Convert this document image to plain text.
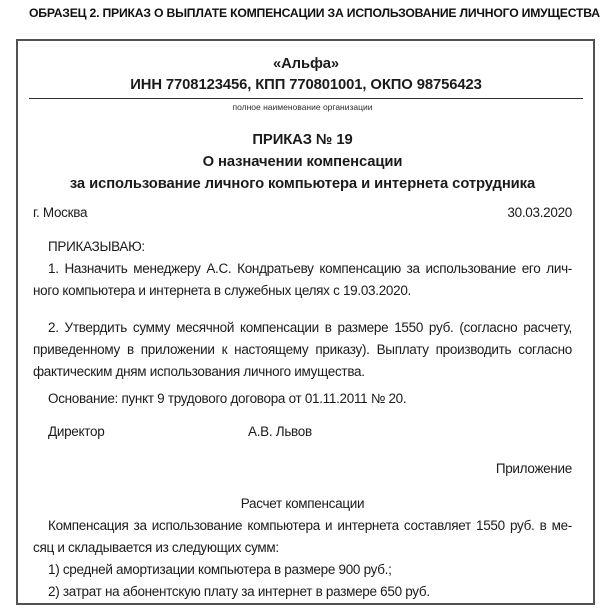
ОБРАЗЕЦ 2. ПРИКАЗ О ВЫПЛАТЕ КОМПЕНСАЦИИ ЗА ИСПОЛЬЗОВАНИЕ ЛИЧНОГО ИМУЩЕСТВА
«Альфа»
ИНН 7708123456, КПП 770801001, ОКПО 98756423
полное наименование организации
ПРИКАЗ № 19
О назначении компенсации
за использование личного компьютера и интернета сотрудника
г. Москва	30.03.2020
ПРИКАЗЫВАЮ:
1. Назначить менеджеру А.С. Кондратьеву компенсацию за использование его лич-
ного компьютера и интернета в служебных целях с 19.03.2020.
2. Утвердить сумму месячной компенсации в размере 1550 руб. (согласно расчету,
приведенному в приложении к настоящему приказу). Выплату производить согласно
фактическим дням использования личного имущества.
Основание: пункт 9 трудового договора от 01.11.2011 № 20.
Директор	А.В. Львов
Приложение
Расчет компенсации
Компенсация за использование компьютера и интернета составляет 1550 руб. в ме-
сяц и складывается из следующих сумм:
1) средней амортизации компьютера в размере 900 руб.;
2) затрат на абонентскую плату за интернет в размере 650 руб.
